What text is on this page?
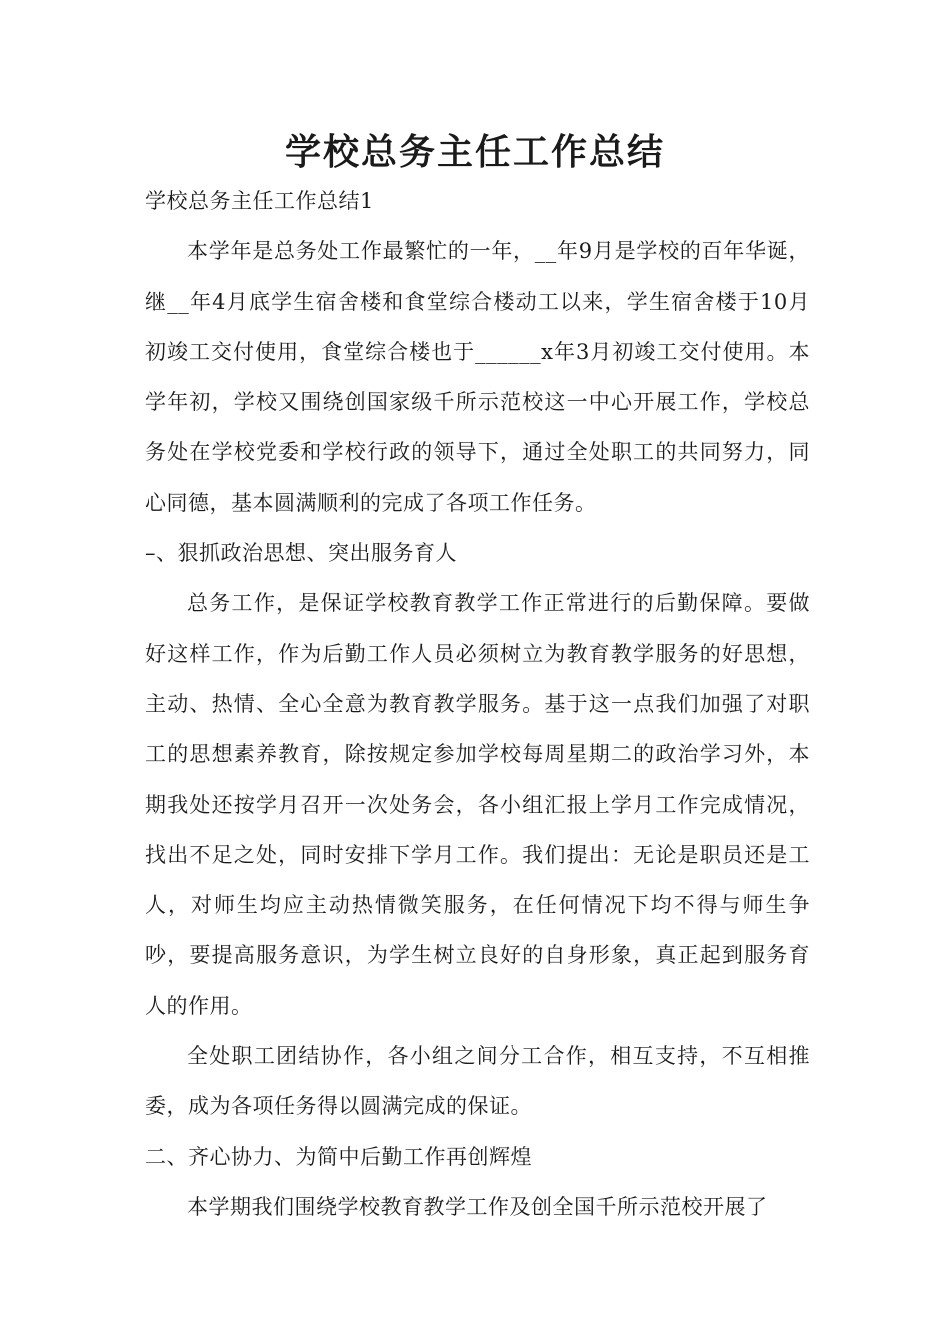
学校总务主任工作总结

学校总务主任工作总结1

本学年是总务处工作最繁忙的一年，__年9月是学校的百年华诞，继__年4月底学生宿舍楼和食堂综合楼动工以来，学生宿舍楼于10月初竣工交付使用，食堂综合楼也于______x年3月初竣工交付使用。本学年初，学校又围绕创国家级千所示范校这一中心开展工作，学校总务处在学校党委和学校行政的领导下，通过全处职工的共同努力，同心同德，基本圆满顺利的完成了各项工作任务。

–、狠抓政治思想、突出服务育人

总务工作，是保证学校教育教学工作正常进行的后勤保障。要做好这样工作，作为后勤工作人员必须树立为教育教学服务的好思想，主动、热情、全心全意为教育教学服务。基于这一点我们加强了对职工的思想素养教育，除按规定参加学校每周星期二的政治学习外，本期我处还按学月召开一次处务会，各小组汇报上学月工作完成情况，找出不足之处，同时安排下学月工作。我们提出：无论是职员还是工人，对师生均应主动热情微笑服务，在任何情况下均不得与师生争吵，要提高服务意识，为学生树立良好的自身形象，真正起到服务育人的作用。

全处职工团结协作，各小组之间分工合作，相互支持，不互相推委，成为各项任务得以圆满完成的保证。

二、齐心协力、为简中后勤工作再创辉煌

本学期我们围绕学校教育教学工作及创全国千所示范校开展了
